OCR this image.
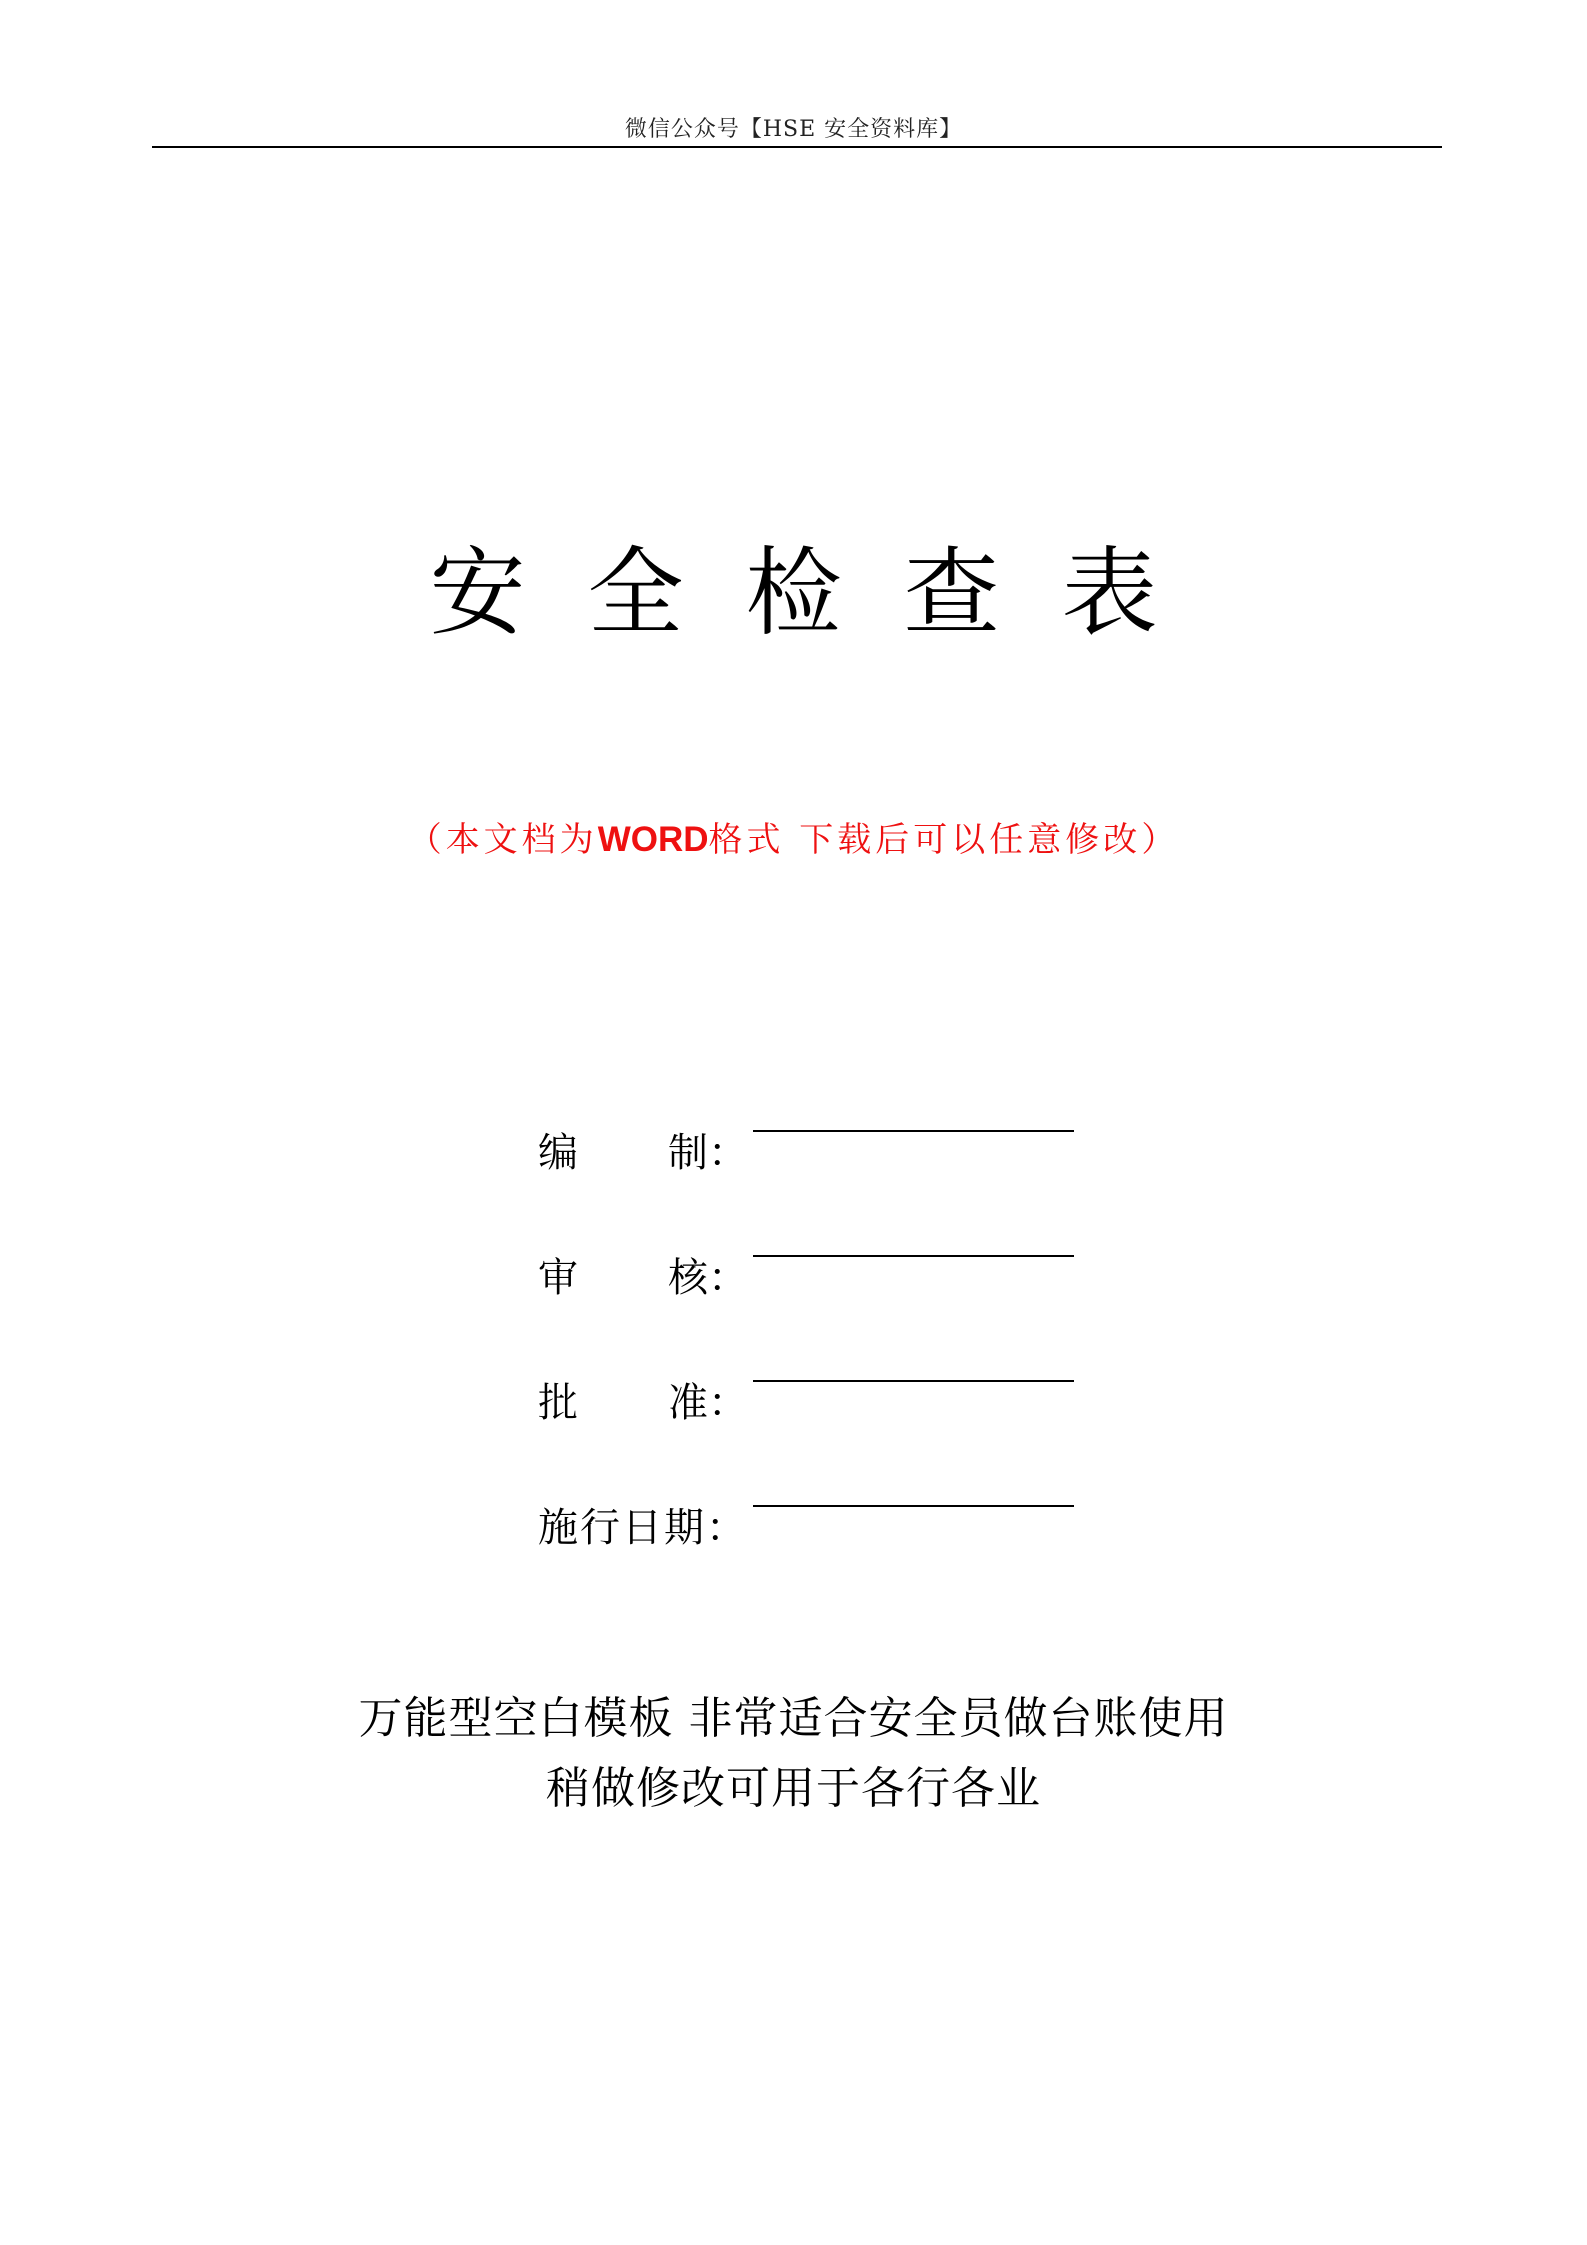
微信公众号【HSE 安全资料库】
安 全 检 查 表
（本文档为WORD格式 下载后可以任意修改）
编 制：
审 核：
批 准：
施行日期：
万能型空白模板 非常适合安全员做台账使用
稍做修改可用于各行各业
